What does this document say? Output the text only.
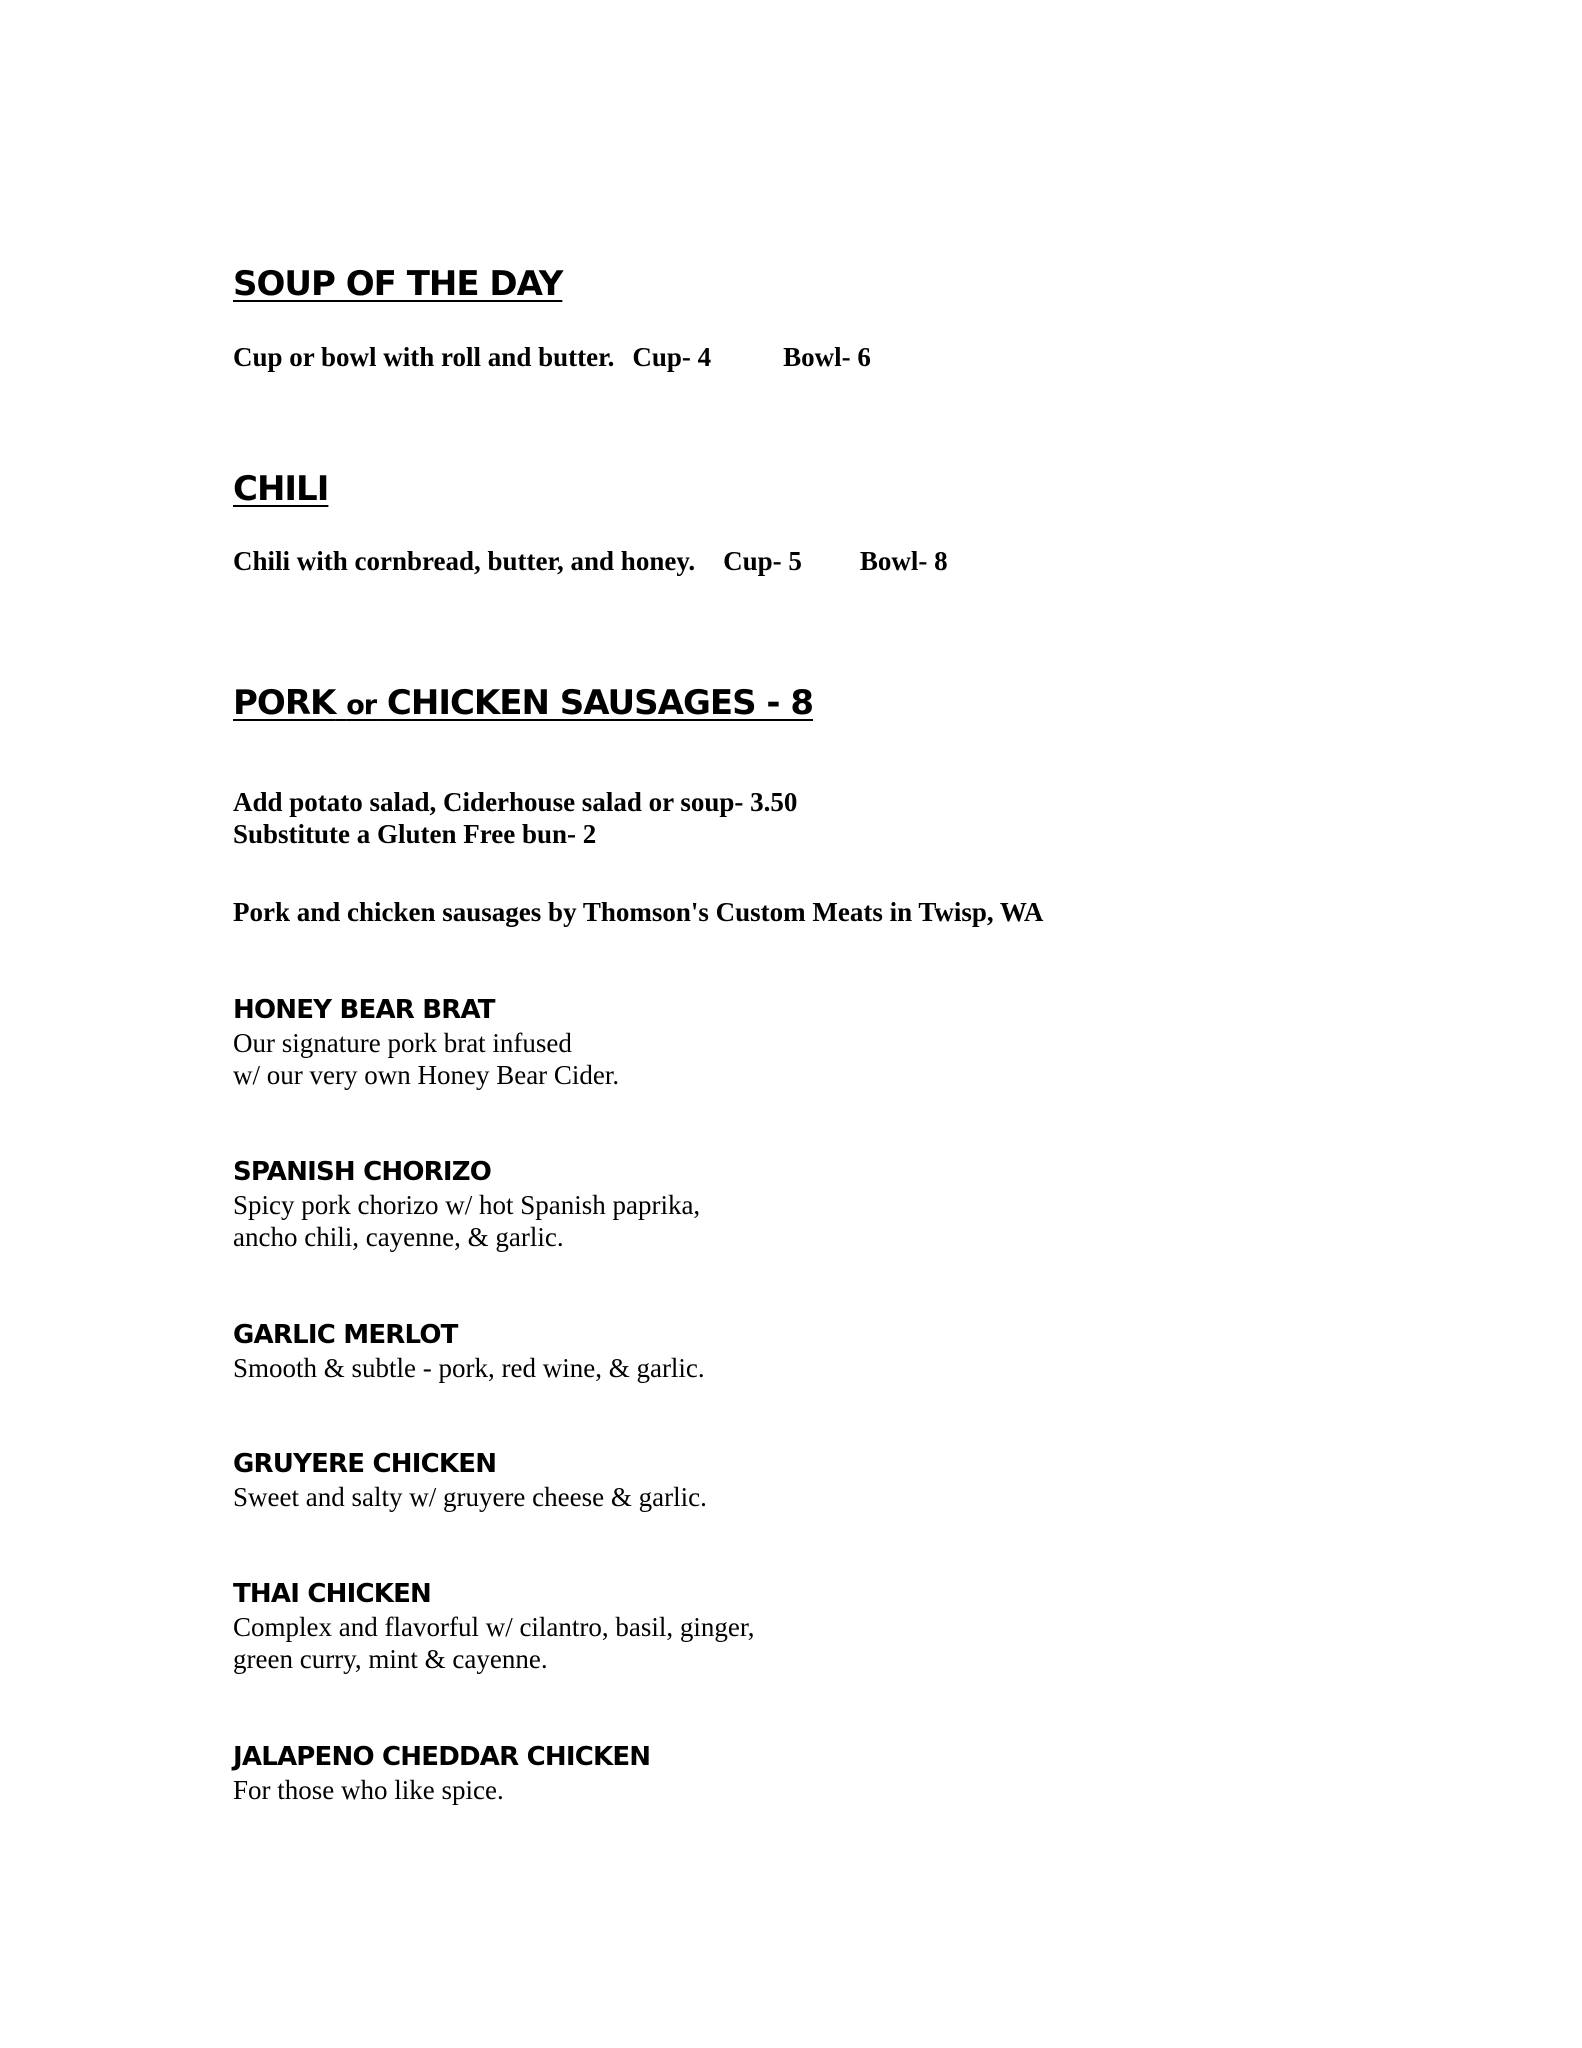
SOUP OF THE DAY
Cup or bowl with roll and butter. Cup- 4	Bowl- 6
CHILI
Chili with cornbread, butter, and honey. Cup- 5 Bowl- 8
PORK or CHICKEN SAUSAGES - 8
Add potato salad, Ciderhouse salad or soup- 3.50
Substitute a Gluten Free bun- 2
Pork and chicken sausages by Thomson's Custom Meats in Twisp, WA
HONEY BEAR BRAT
Our signature pork brat infused
w/ our very own Honey Bear Cider.
SPANISH CHORIZO
Spicy pork chorizo w/ hot Spanish paprika,
ancho chili, cayenne, & garlic.
GARLIC MERLOT
Smooth & subtle - pork, red wine, & garlic.
GRUYERE CHICKEN
Sweet and salty w/ gruyere cheese & garlic.
THAI CHICKEN
Complex and flavorful w/ cilantro, basil, ginger,
green curry, mint & cayenne.
JALAPENO CHEDDAR CHICKEN
For those who like spice.
